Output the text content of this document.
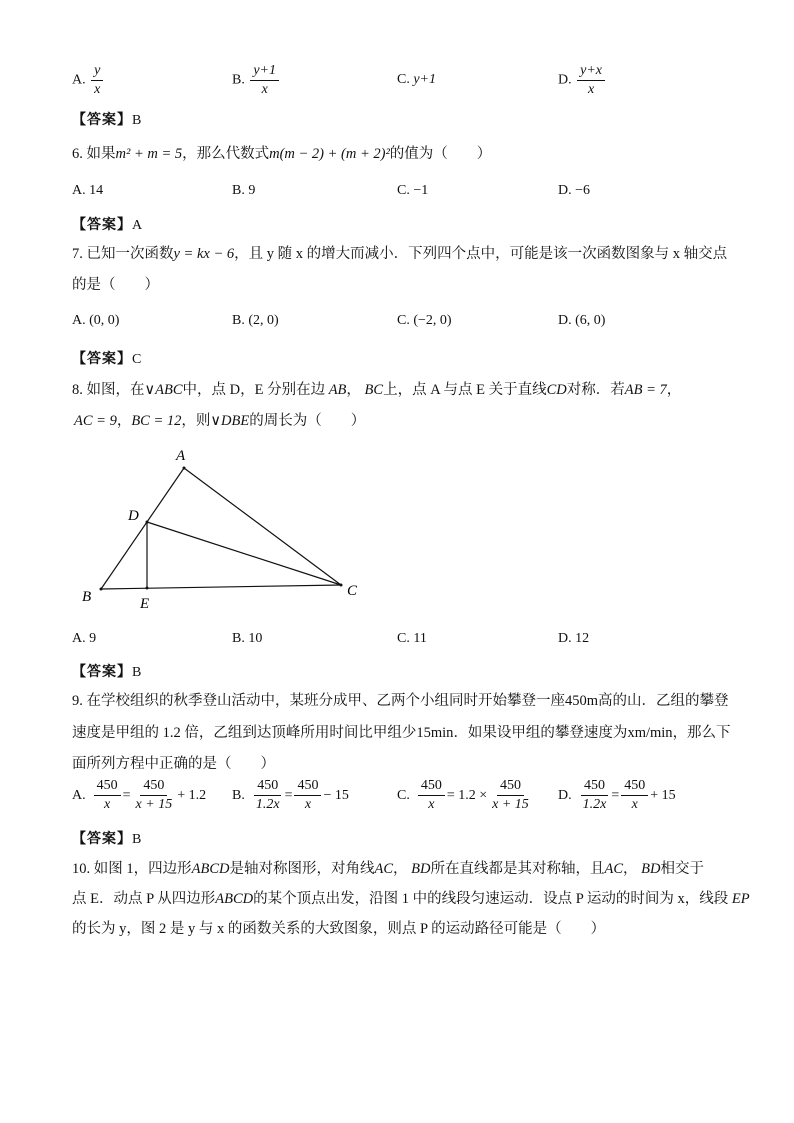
A. $\frac{y}{x}$	B. $\frac{y+1}{x}$	C. y+1	D. $\frac{y+x}{x}$
【答案】B
6. 如果m² + m = 5，那么代数式m(m − 2) + (m + 2)²的值为（　　）
A. 14	B. 9	C. −1	D. −6
【答案】A
7. 已知一次函数y = kx − 6，且 y 随 x 的增大而减小．下列四个点中，可能是该一次函数图象与 x 轴交点
的是（　　）
A. (0, 0)	B. (2, 0)	C. (−2, 0)	D. (6, 0)
【答案】C
8. 如图，在∨ABC中，点 D，E 分别在边 AB， BC上，点 A 与点 E 关于直线CD对称．若AB = 7，
AC = 9，BC = 12，则∨DBE的周长为（　　）
A
B	C
D
E
A. 9	B. 10	C. 11	D. 12
【答案】B
9. 在学校组织的秋季登山活动中，某班分成甲、乙两个小组同时开始攀登一座450m高的山．乙组的攀登
速度是甲组的 1.2 倍，乙组到达顶峰所用时间比甲组少15min．如果设甲组的攀登速度为xm/min，那么下
面所列方程中正确的是（　　）
A. $\frac{450}{x} = \frac{450}{x + 15} + 1.2$ B. $\frac{450}{1.2x} = \frac{450}{x} - 15$	C. $\frac{450}{x} = 1.2 \times \frac{450}{x + 15} D$. $\frac{450}{1.2x} = \frac{450}{x} + 15$
【答案】B
10. 如图 1，四边形ABCD是轴对称图形，对角线AC， BD所在直线都是其对称轴，且AC， BD相交于
点 E．动点 P 从四边形ABCD的某个顶点出发，沿图 1 中的线段匀速运动．设点 P 运动的时间为 x，线段 EP
的长为 y，图 2 是 y 与 x 的函数关系的大致图象，则点 P 的运动路径可能是（　　）
